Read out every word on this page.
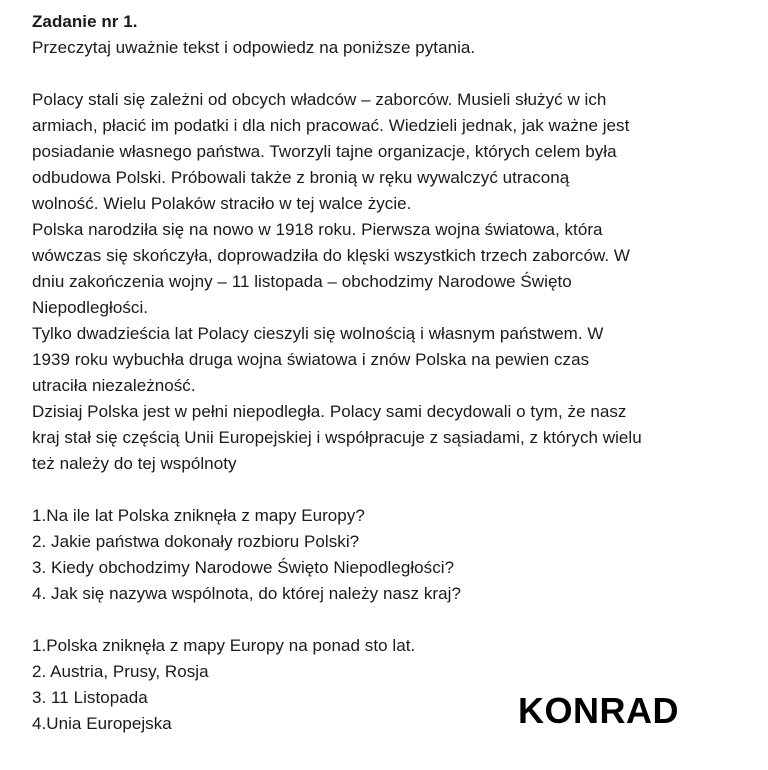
Zadanie nr 1.

Przeczytaj uważnie tekst i odpowiedz na poniższe pytania.

Polacy stali się zależni od obcych władców – zaborców. Musieli służyć w ich

armiach, płacić im podatki i dla nich pracować. Wiedzieli jednak, jak ważne jest

posiadanie własnego państwa. Tworzyli tajne organizacje, których celem była

odbudowa Polski. Próbowali także z bronią w ręku wywalczyć utraconą

wolność. Wielu Polaków straciło w tej walce życie.

Polska narodziła się na nowo w 1918 roku. Pierwsza wojna światowa, która

wówczas się skończyła, doprowadziła do klęski wszystkich trzech zaborców. W

dniu zakończenia wojny – 11 listopada – obchodzimy Narodowe Święto

Niepodległości.

Tylko dwadzieścia lat Polacy cieszyli się wolnością i własnym państwem. W

1939 roku wybuchła druga wojna światowa i znów Polska na pewien czas

utraciła niezależność.

Dzisiaj Polska jest w pełni niepodległa. Polacy sami decydowali o tym, że nasz

kraj stał się częścią Unii Europejskiej i współpracuje z sąsiadami, z których wielu

też należy do tej wspólnoty

1.Na ile lat Polska zniknęła z mapy Europy?

2. Jakie państwa dokonały rozbioru Polski?

3. Kiedy obchodzimy Narodowe Święto Niepodległości?

4. Jak się nazywa wspólnota, do której należy nasz kraj?

1.Polska zniknęła z mapy Europy na ponad sto lat.

2. Austria, Prusy, Rosja

3. 11 Listopada

4.Unia Europejska	KONRAD
